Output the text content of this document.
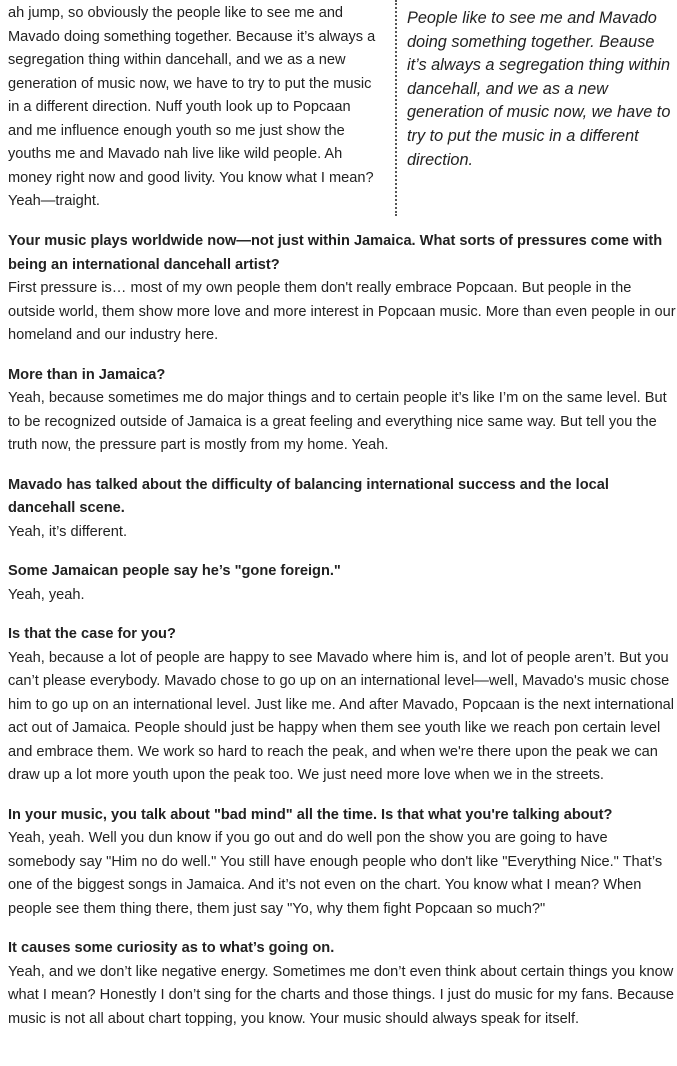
ah jump, so obviously the people like to see me and Mavado doing something together. Because it’s always a segregation thing within dancehall, and we as a new generation of music now, we have to try to put the music in a different direction. Nuff youth look up to Popcaan and me influence enough youth so me just show the youths me and Mavado nah live like wild people. Ah money right now and good livity. You know what I mean? Yeah—traight.

People like to see me and Mavado doing something together. Beause it’s always a segregation thing within dancehall, and we as a new generation of music now, we have to try to put the music in a different direction.

Your music plays worldwide now—not just within Jamaica. What sorts of pressures come with being an international dancehall artist?

First pressure is… most of my own people them don't really embrace Popcaan. But people in the outside world, them show more love and more interest in Popcaan music. More than even people in our homeland and our industry here.

More than in Jamaica?

Yeah, because sometimes me do major things and to certain people it’s like I’m on the same level. But to be recognized outside of Jamaica is a great feeling and everything nice same way. But tell you the truth now, the pressure part is mostly from my home. Yeah.

Mavado has talked about the difficulty of balancing international success and the local dancehall scene.

Yeah, it’s different.

Some Jamaican people say he’s "gone foreign."

Yeah, yeah.

Is that the case for you?

Yeah, because a lot of people are happy to see Mavado where him is, and lot of people aren’t. But you can’t please everybody. Mavado chose to go up on an international level—well, Mavado's music chose him to go up on an international level. Just like me. And after Mavado, Popcaan is the next international act out of Jamaica. People should just be happy when them see youth like we reach pon certain level and embrace them. We work so hard to reach the peak, and when we're there upon the peak we can draw up a lot more youth upon the peak too. We just need more love when we in the streets.

In your music, you talk about "bad mind" all the time. Is that what you're talking about?

Yeah, yeah. Well you dun know if you go out and do well pon the show you are going to have somebody say "Him no do well." You still have enough people who don't like "Everything Nice." That’s one of the biggest songs in Jamaica. And it’s not even on the chart. You know what I mean? When people see them thing there, them just say "Yo, why them fight Popcaan so much?"

It causes some curiosity as to what’s going on.

Yeah, and we don’t like negative energy. Sometimes me don’t even think about certain things you know what I mean? Honestly I don’t sing for the charts and those things. I just do music for my fans. Because music is not all about chart topping, you know. Your music should always speak for itself.
